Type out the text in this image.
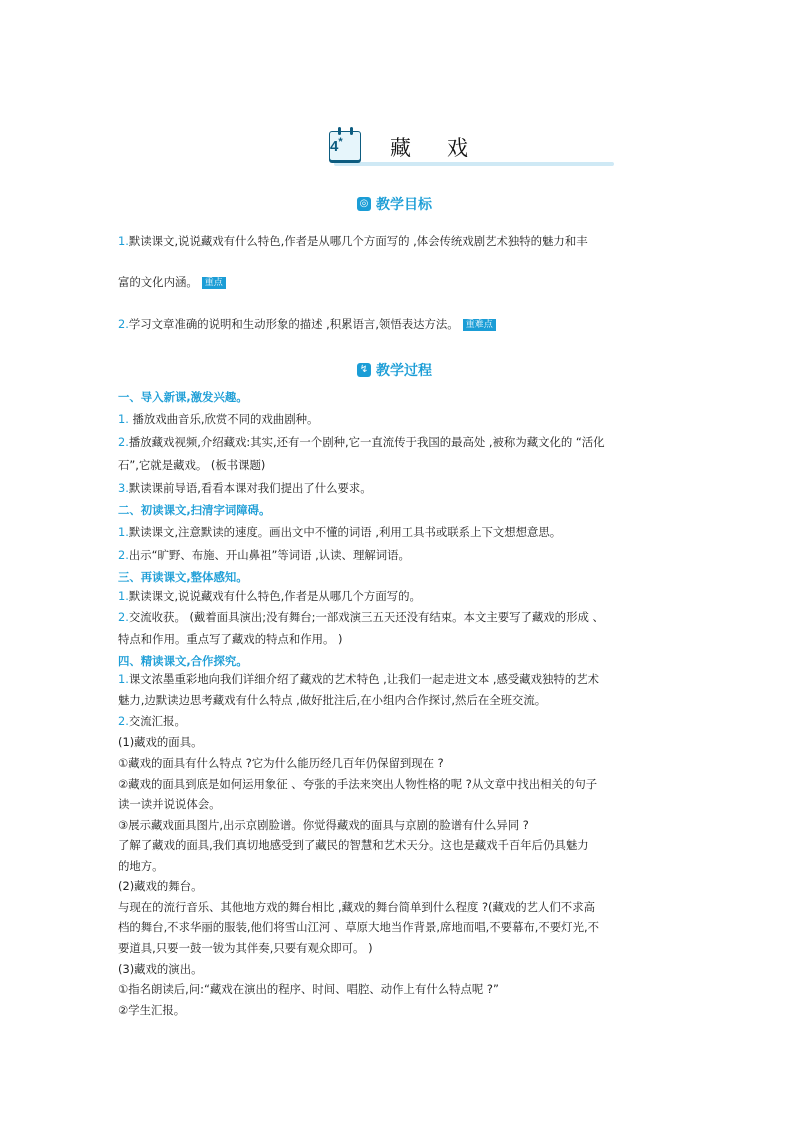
4* 藏戏
◎ 教学目标
1.默读课文,说说藏戏有什么特色,作者是从哪几个方面写的 ,体会传统戏剧艺术独特的魅力和丰
富的文化内涵。 重点
2.学习文章准确的说明和生动形象的描述 ,积累语言,领悟表达方法。 重难点
↯ 教学过程
一、导入新课,激发兴趣。
1. 播放戏曲音乐,欣赏不同的戏曲剧种。
2.播放藏戏视频,介绍藏戏:其实,还有一个剧种,它一直流传于我国的最高处 ,被称为藏文化的 “活化
石”,它就是藏戏。 (板书课题)
3.默读课前导语,看看本课对我们提出了什么要求。
二、初读课文,扫清字词障碍。
1.默读课文,注意默读的速度。画出文中不懂的词语 ,利用工具书或联系上下文想想意思。
2.出示“旷野、布施、开山鼻祖”等词语 ,认读、理解词语。
三、再读课文,整体感知。
1.默读课文,说说藏戏有什么特色,作者是从哪几个方面写的。
2.交流收获。 (戴着面具演出;没有舞台;一部戏演三五天还没有结束。本文主要写了藏戏的形成 、
特点和作用。重点写了藏戏的特点和作用。 )
四、精读课文,合作探究。
1.课文浓墨重彩地向我们详细介绍了藏戏的艺术特色 ,让我们一起走进文本 ,感受藏戏独特的艺术
魅力,边默读边思考藏戏有什么特点 ,做好批注后,在小组内合作探讨,然后在全班交流。
2.交流汇报。
(1)藏戏的面具。
①藏戏的面具有什么特点 ?它为什么能历经几百年仍保留到现在 ?
②藏戏的面具到底是如何运用象征 、夸张的手法来突出人物性格的呢 ?从文章中找出相关的句子
读一读并说说体会。
③展示藏戏面具图片,出示京剧脸谱。你觉得藏戏的面具与京剧的脸谱有什么异同 ?
了解了藏戏的面具,我们真切地感受到了藏民的智慧和艺术天分。这也是藏戏千百年后仍具魅力
的地方。
(2)藏戏的舞台。
与现在的流行音乐、其他地方戏的舞台相比 ,藏戏的舞台简单到什么程度 ?(藏戏的艺人们不求高
档的舞台,不求华丽的服装,他们将雪山江河 、草原大地当作背景,席地而唱,不要幕布,不要灯光,不
要道具,只要一鼓一钹为其伴奏,只要有观众即可。 )
(3)藏戏的演出。
①指名朗读后,问:“藏戏在演出的程序、时间、唱腔、动作上有什么特点呢 ?”
②学生汇报。
